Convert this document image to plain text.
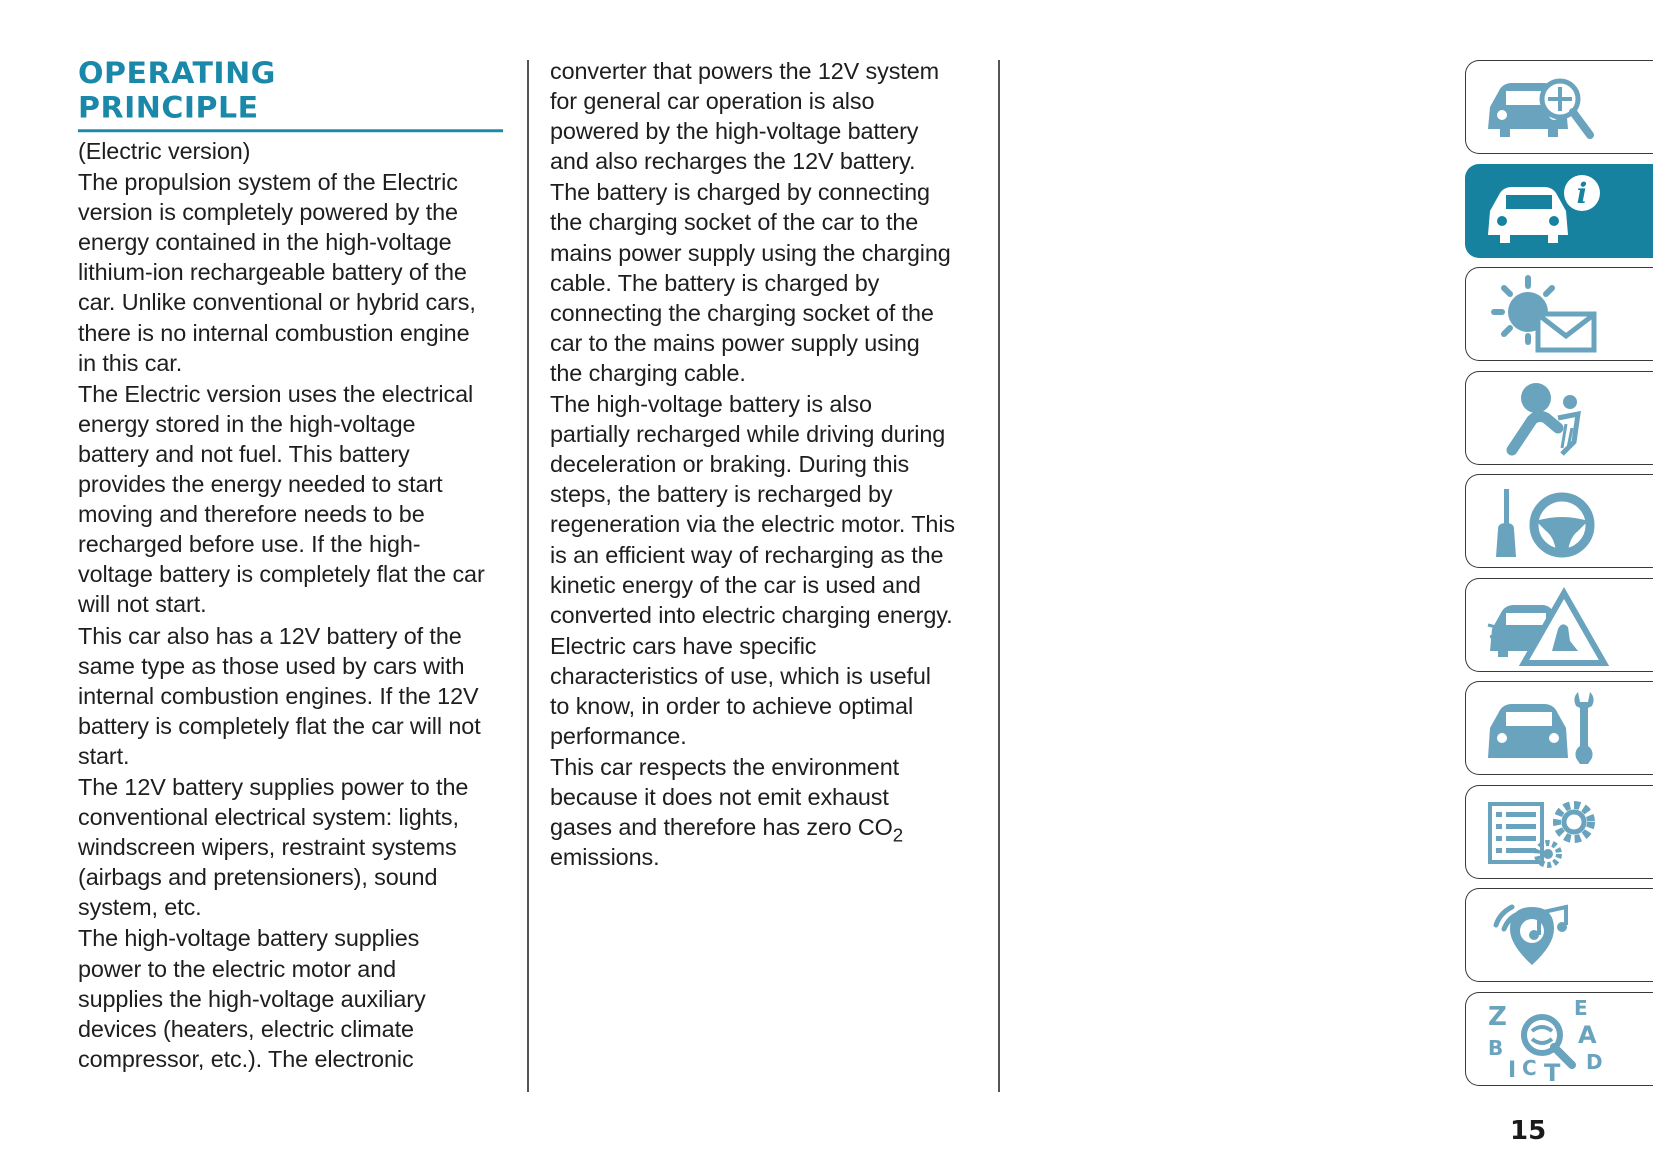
OPERATING
PRINCIPLE

(Electric version)

The propulsion system of the Electric
version is completely powered by the
energy contained in the high-voltage
lithium-ion rechargeable battery of the
car. Unlike conventional or hybrid cars,
there is no internal combustion engine
in this car.

The Electric version uses the electrical
energy stored in the high-voltage
battery and not fuel. This battery
provides the energy needed to start
moving and therefore needs to be
recharged before use. If the high-
voltage battery is completely flat the car
will not start.

This car also has a 12V battery of the
same type as those used by cars with
internal combustion engines. If the 12V
battery is completely flat the car will not
start.

The 12V battery supplies power to the
conventional electrical system: lights,
windscreen wipers, restraint systems
(airbags and pretensioners), sound
system, etc.

The high-voltage battery supplies
power to the electric motor and
supplies the high-voltage auxiliary
devices (heaters, electric climate
compressor, etc.). The electronic

converter that powers the 12V system
for general car operation is also
powered by the high-voltage battery
and also recharges the 12V battery.

The battery is charged by connecting
the charging socket of the car to the
mains power supply using the charging
cable. The battery is charged by
connecting the charging socket of the
car to the mains power supply using
the charging cable.

The high-voltage battery is also
partially recharged while driving during
deceleration or braking. During this
steps, the battery is recharged by
regeneration via the electric motor. This
is an efficient way of recharging as the
kinetic energy of the car is used and
converted into electric charging energy.

Electric cars have specific
characteristics of use, which is useful
to know, in order to achieve optimal
performance.

This car respects the environment
because it does not emit exhaust
gases and therefore has zero $CO_2$
emissions.

i
Z	E
A
B
C T D
I
15
